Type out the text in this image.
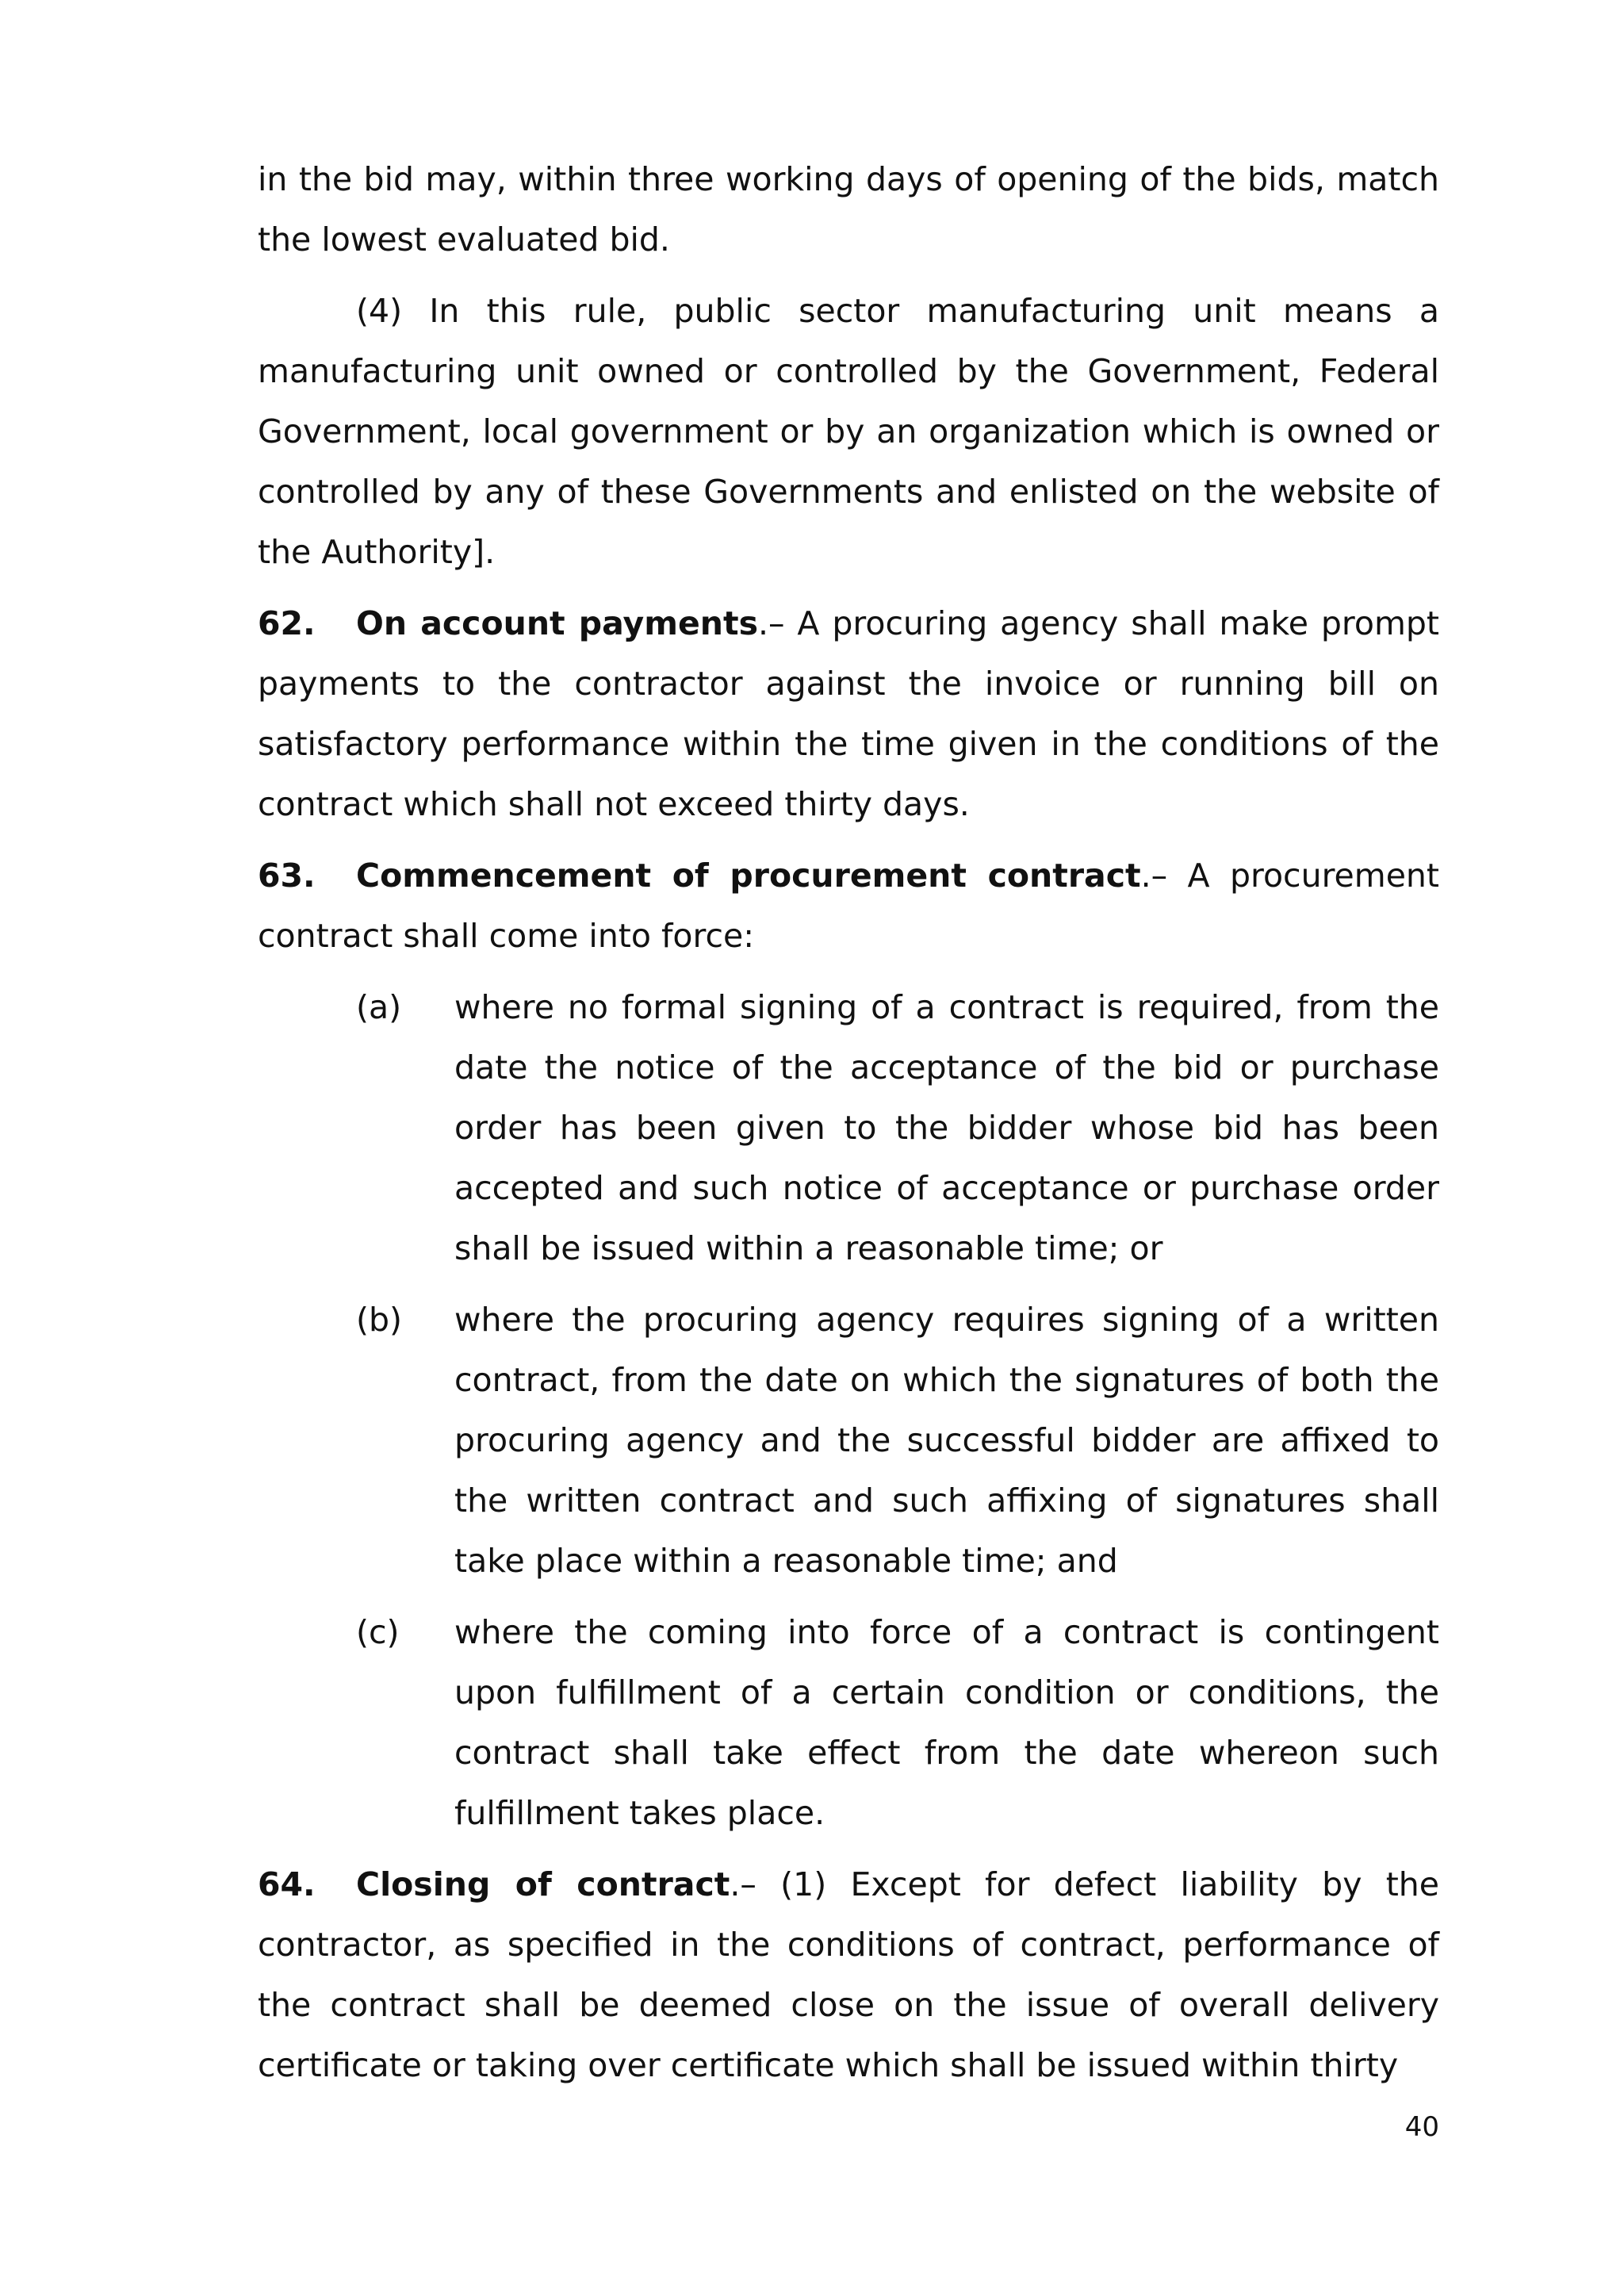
in the bid may, within three working days of opening of the bids, match the lowest evaluated bid.

(4) In this rule, public sector manufacturing unit means a manufacturing unit owned or controlled by the Government, Federal Government, local government or by an organization which is owned or controlled by any of these Governments and enlisted on the website of the Authority].

62. On account payments.– A procuring agency shall make prompt payments to the contractor against the invoice or running bill on satisfactory performance within the time given in the conditions of the contract which shall not exceed thirty days.

63. Commencement of procurement contract.– A procurement contract shall come into force:

(a)	where no formal signing of a contract is required, from the date the notice of the acceptance of the bid or purchase order has been given to the bidder whose bid has been accepted and such notice of acceptance or purchase order shall be issued within a reasonable time; or
(b)	where the procuring agency requires signing of a written contract, from the date on which the signatures of both the procuring agency and the successful bidder are affixed to the written contract and such affixing of signatures shall take place within a reasonable time; and
(c)	where the coming into force of a contract is contingent upon fulfillment of a certain condition or conditions, the contract shall take effect from the date whereon such fulfillment takes place.

64. Closing of contract.– (1) Except for defect liability by the contractor, as specified in the conditions of contract, performance of the contract shall be deemed close on the issue of overall delivery certificate or taking over certificate which shall be issued within thirty

40
